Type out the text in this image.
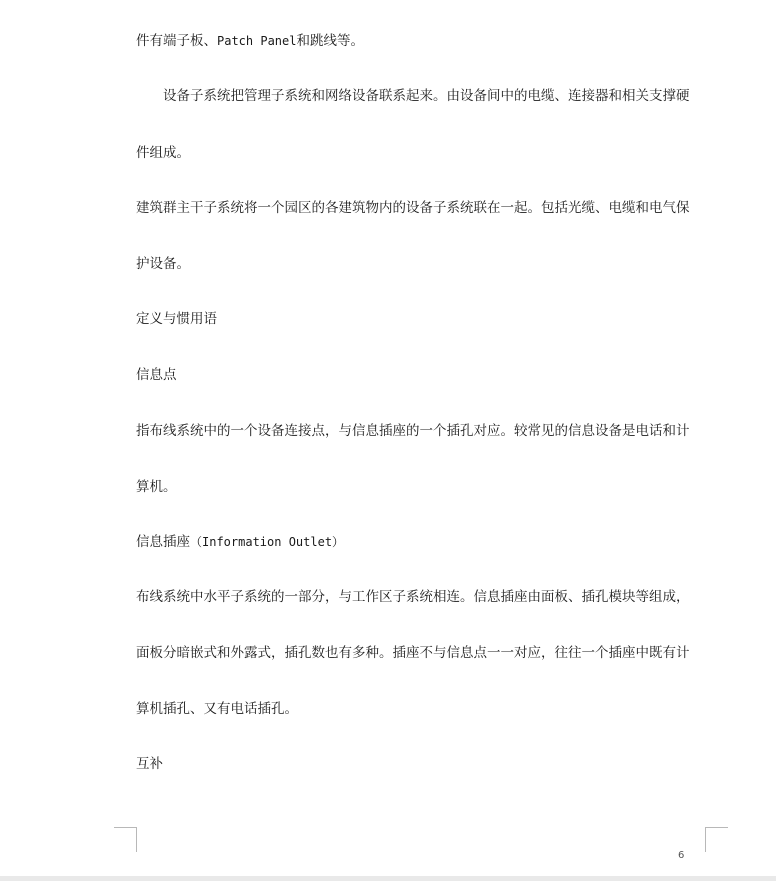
件有端子板、Patch Panel和跳线等。

设备子系统把管理子系统和网络设备联系起来。由设备间中的电缆、连接器和相关支撑硬

件组成。

建筑群主干子系统将一个园区的各建筑物内的设备子系统联在一起。包括光缆、电缆和电气保

护设备。

定义与惯用语

信息点

指布线系统中的一个设备连接点，与信息插座的一个插孔对应。较常见的信息设备是电话和计

算机。

信息插座（Information Outlet）

布线系统中水平子系统的一部分，与工作区子系统相连。信息插座由面板、插孔模块等组成，

面板分暗嵌式和外露式，插孔数也有多种。插座不与信息点一一对应，往往一个插座中既有计

算机插孔、又有电话插孔。

互补

6
